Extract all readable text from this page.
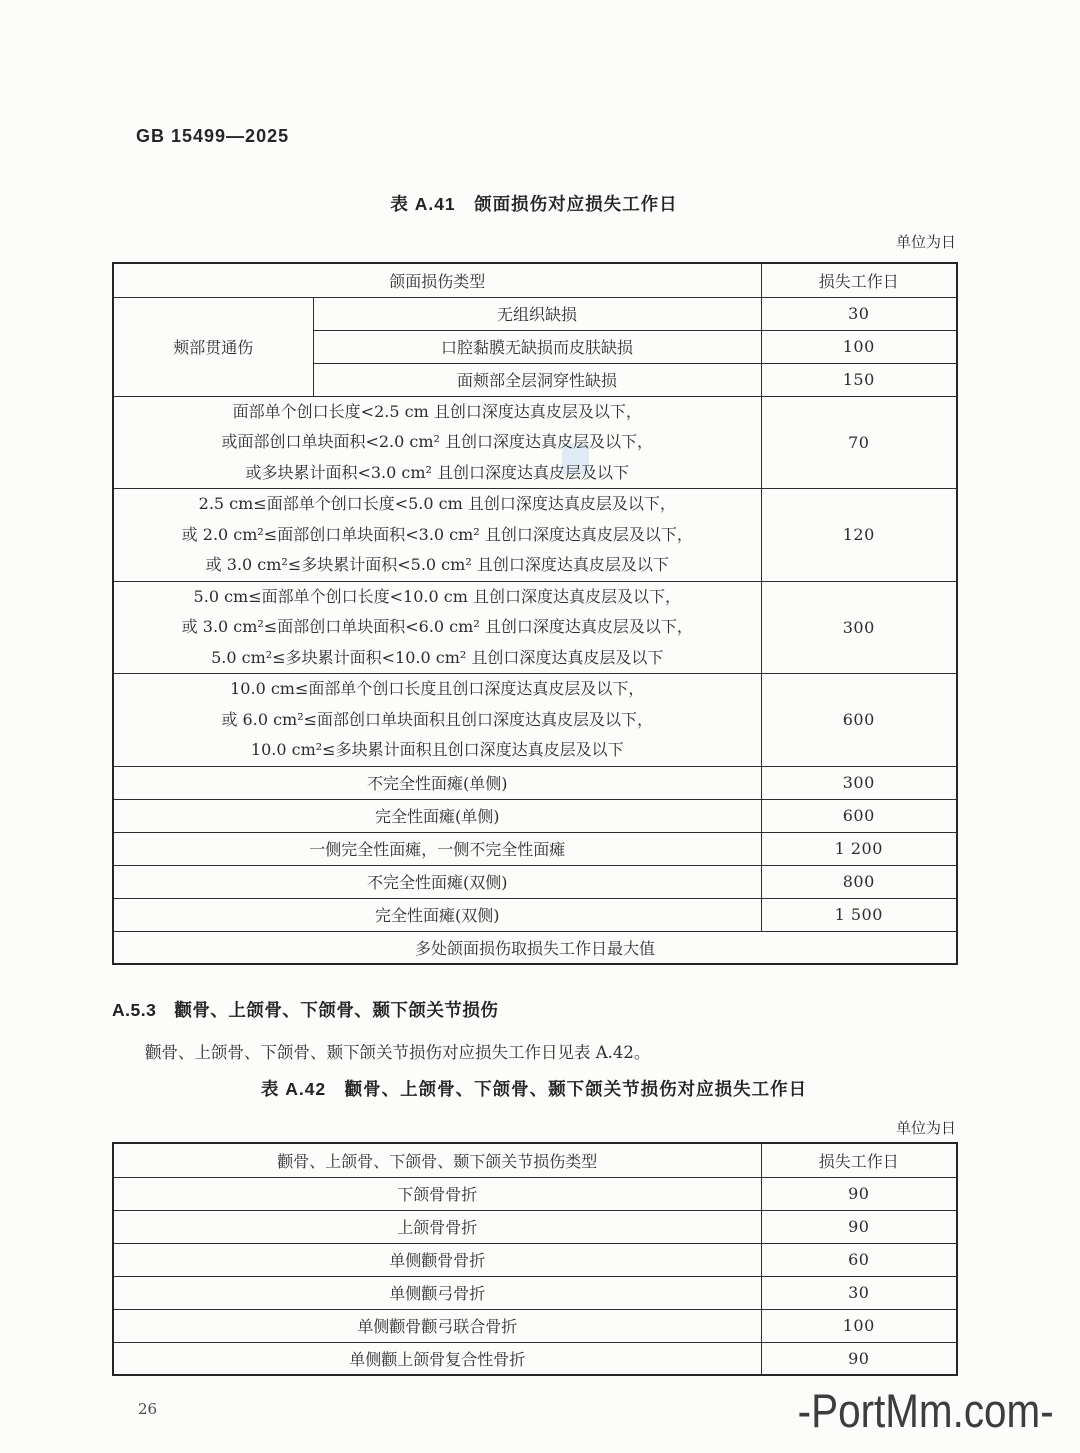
GB 15499—2025
表 A.41　颌面损伤对应损失工作日
单位为日
颌面损伤类型		损失工作日
颊部贯通伤	无组织缺损	30
	口腔黏膜无缺损而皮肤缺损	100
	面颊部全层洞穿性缺损	150

面部单个创口长度<2.5 cm 且创口深度达真皮层及以下，
或面部创口单块面积<2.0 cm² 且创口深度达真皮层及以下，
或多块累计面积<3.0 cm² 且创口深度达真皮层及以下		70

2.5 cm≤面部单个创口长度<5.0 cm 且创口深度达真皮层及以下，
或 2.0 cm²≤面部创口单块面积<3.0 cm² 且创口深度达真皮层及以下，
或 3.0 cm²≤多块累计面积<5.0 cm² 且创口深度达真皮层及以下		120

5.0 cm≤面部单个创口长度<10.0 cm 且创口深度达真皮层及以下，
或 3.0 cm²≤面部创口单块面积<6.0 cm² 且创口深度达真皮层及以下，
5.0 cm²≤多块累计面积<10.0 cm² 且创口深度达真皮层及以下		300

10.0 cm≤面部单个创口长度且创口深度达真皮层及以下，
或 6.0 cm²≤面部创口单块面积且创口深度达真皮层及以下，
10.0 cm²≤多块累计面积且创口深度达真皮层及以下		600
不完全性面瘫(单侧)		300
完全性面瘫(单侧)		600
一侧完全性面瘫，一侧不完全性面瘫		1 200
不完全性面瘫(双侧)		800
完全性面瘫(双侧)		1 500
多处颌面损伤取损失工作日最大值		
A.5.3　颧骨、上颌骨、下颌骨、颞下颌关节损伤
颧骨、上颌骨、下颌骨、颞下颌关节损伤对应损失工作日见表 A.42。
表 A.42　颧骨、上颌骨、下颌骨、颞下颌关节损伤对应损失工作日
单位为日
颧骨、上颌骨、下颌骨、颞下颌关节损伤类型	损失工作日
下颌骨骨折	90
上颌骨骨折	90
单侧颧骨骨折	60
单侧颧弓骨折	30
单侧颧骨颧弓联合骨折	100
单侧颧上颌骨复合性骨折	90
26	-PortMm.com-
